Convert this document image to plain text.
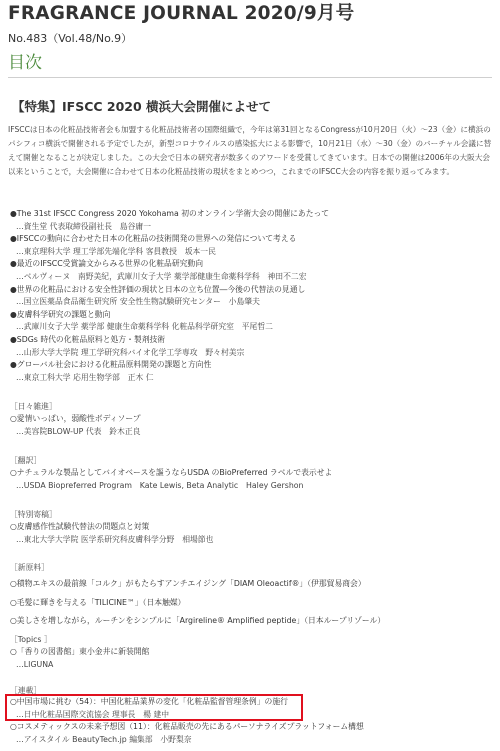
FRAGRANCE JOURNAL 2020/9月号
No.483（Vol.48/No.9）
目次
【特集】IFSCC 2020 横浜大会開催によせて
IFSCCは日本の化粧品技術者会も加盟する化粧品技術者の国際組織で，今年は第31回となるCongressが10月20日（火）～23（金）に横浜のパシフィコ横浜で開催される予定でしたが，新型コロナウイルスの感染拡大による影響で，10月21日（水）～30（金）のバーチャル会議に替えて開催となることが決定しました。この大会で日本の研究者が数多くのアワードを受賞してきています。日本での開催は2006年の大阪大会以来ということで，大会開催に合わせて日本の化粧品技術の現状をまとめつつ，これまでのIFSCC大会の内容を振り返ってみます。
●The 31st IFSCC Congress 2020 Yokohama 初のオンライン学術大会の開催にあたって
…資生堂 代表取締役副社長　島谷庸一
●IFSCCの動向に合わせた日本の化粧品の技術開発の世界への発信について考える
…東京理科大学 理工学部先端化学科 客員教授　坂本一民
●最近のIFSCC受賞論文からみる世界の化粧品研究動向
…ベルヴィーヌ　南野美紀，武庫川女子大学 薬学部健康生命薬科学科　神田不二宏
●世界の化粧品における安全性評価の現状と日本の立ち位置―今後の代替法の見通し
…国立医薬品食品衛生研究所 安全性生物試験研究センター　小島肇夫
●皮膚科学研究の課題と動向
…武庫川女子大学 薬学部 健康生命薬科学科 化粧品科学研究室　平尾哲二
●SDGs 時代の化粧品原料と処方・製剤技術
…山形大学大学院 理工学研究科バイオ化学工学専攻　野々村美宗
●グローバル社会における化粧品原料開発の課題と方向性
…東京工科大学 応用生物学部　正木 仁
［日々雑進］
○愛情いっぱい，弱酸性ボディソープ
…美容院BLOW-UP 代表　鈴木正良
［翻訳］
○ナチュラルな製品としてバイオベースを謳うならUSDA のBioPreferred ラベルで表示せよ
…USDA Biopreferred Program　Kate Lewis, Beta Analytic　Haley Gershon
［特別寄稿］
○皮膚感作性試験代替法の問題点と対策
…東北大学大学院 医学系研究科皮膚科学分野　相場節也
［新原料］
○積物エキスの最前線「コルク」がもたらすアンチエイジング「DIAM Oleoactif®」（伊那貿易商会）
○毛髪に輝きを与える「TILICINE™」（日本触媒）
○美しさを増しながら，ルーチンをシンプルに「Argireline® Amplified peptide」（日本ループリゾール）
［Topics ］
○「香りの図書館」東小金井に新装開館
…LIGUNA
［連載］
○中国市場に挑む（54）：中国化粧品業界の変化「化粧品監督管理条例」の施行
…日中化粧品国際交流協会 理事長　楊 建中
○コスメティックスの未来予想図（11）：化粧品販売の先にあるパーソナライズプラットフォーム構想
…アイスタイル BeautyTech.jp 編集部　小野梨奈
